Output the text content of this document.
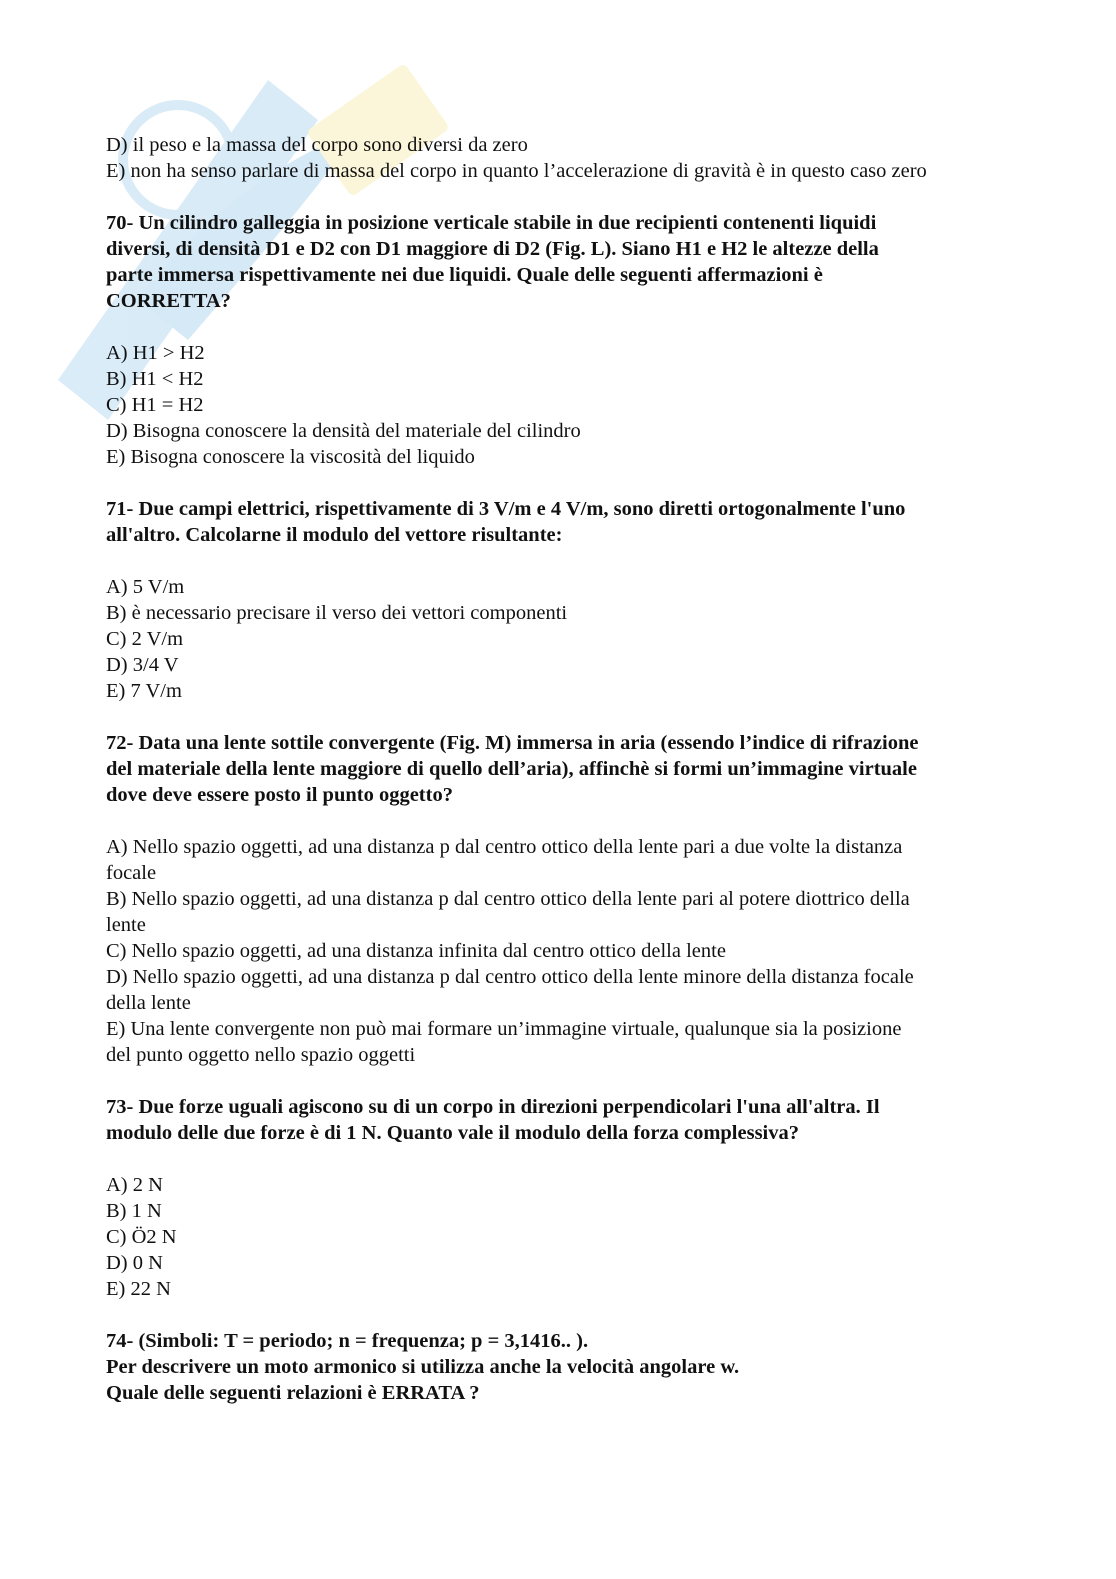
D) il peso e la massa del corpo sono diversi da zero
E) non ha senso parlare di massa del corpo in quanto l’accelerazione di gravità è in questo caso zero
70- Un cilindro galleggia in posizione verticale stabile in due recipienti contenenti liquidi
diversi, di densità D1 e D2 con D1 maggiore di D2 (Fig. L). Siano H1 e H2 le altezze della
parte immersa rispettivamente nei due liquidi. Quale delle seguenti affermazioni è
CORRETTA?
A) H1 > H2
B) H1 < H2
C) H1 = H2
D) Bisogna conoscere la densità del materiale del cilindro
E) Bisogna conoscere la viscosità del liquido
71- Due campi elettrici, rispettivamente di 3 V/m e 4 V/m, sono diretti ortogonalmente l'uno
all'altro. Calcolarne il modulo del vettore risultante:
A) 5 V/m
B) è necessario precisare il verso dei vettori componenti
C) 2 V/m
D) 3/4 V
E) 7 V/m
72- Data una lente sottile convergente (Fig. M) immersa in aria (essendo l’indice di rifrazione
del materiale della lente maggiore di quello dell’aria), affinchè si formi un’immagine virtuale
dove deve essere posto il punto oggetto?
A) Nello spazio oggetti, ad una distanza p dal centro ottico della lente pari a due volte la distanza
focale
B) Nello spazio oggetti, ad una distanza p dal centro ottico della lente pari al potere diottrico della
lente
C) Nello spazio oggetti, ad una distanza infinita dal centro ottico della lente
D) Nello spazio oggetti, ad una distanza p dal centro ottico della lente minore della distanza focale
della lente
E) Una lente convergente non può mai formare un’immagine virtuale, qualunque sia la posizione
del punto oggetto nello spazio oggetti
73- Due forze uguali agiscono su di un corpo in direzioni perpendicolari l'una all'altra. Il
modulo delle due forze è di 1 N. Quanto vale il modulo della forza complessiva?
A) 2 N
B) 1 N
C) Ö2 N
D) 0 N
E) 22 N
74- (Simboli: T = periodo; n = frequenza; p = 3,1416.. ).
Per descrivere un moto armonico si utilizza anche la velocità angolare w.
Quale delle seguenti relazioni è ERRATA ?
